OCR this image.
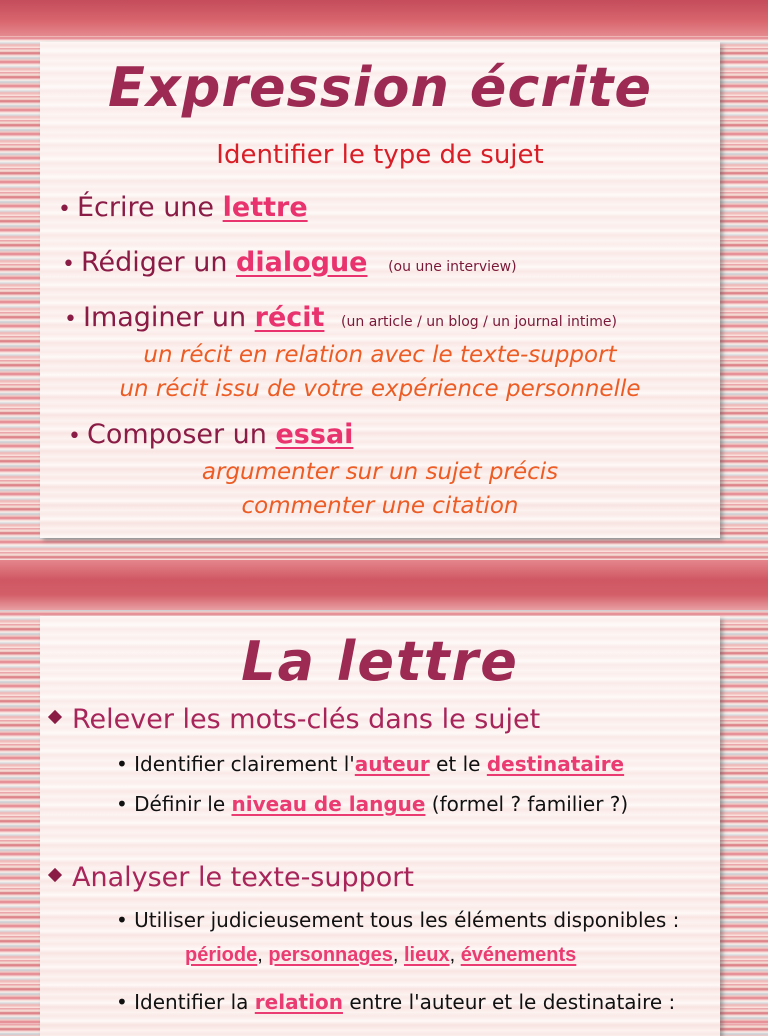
Expression écrite
Identifier le type de sujet
• Écrire une lettre
• Rédiger un dialogue (ou une interview)
• Imaginer un récit (un article / un blog / un journal intime)
un récit en relation avec le texte-support
un récit issu de votre expérience personnelle
• Composer un essai
argumenter sur un sujet précis
commenter une citation
La lettre
Relever les mots-clés dans le sujet
• Identifier clairement l'auteur et le destinataire
• Définir le niveau de langue (formel ? familier ?)
Analyser le texte-support
• Utiliser judicieusement tous les éléments disponibles :
période, personnages, lieux, événements
• Identifier la relation entre l'auteur et le destinataire :
